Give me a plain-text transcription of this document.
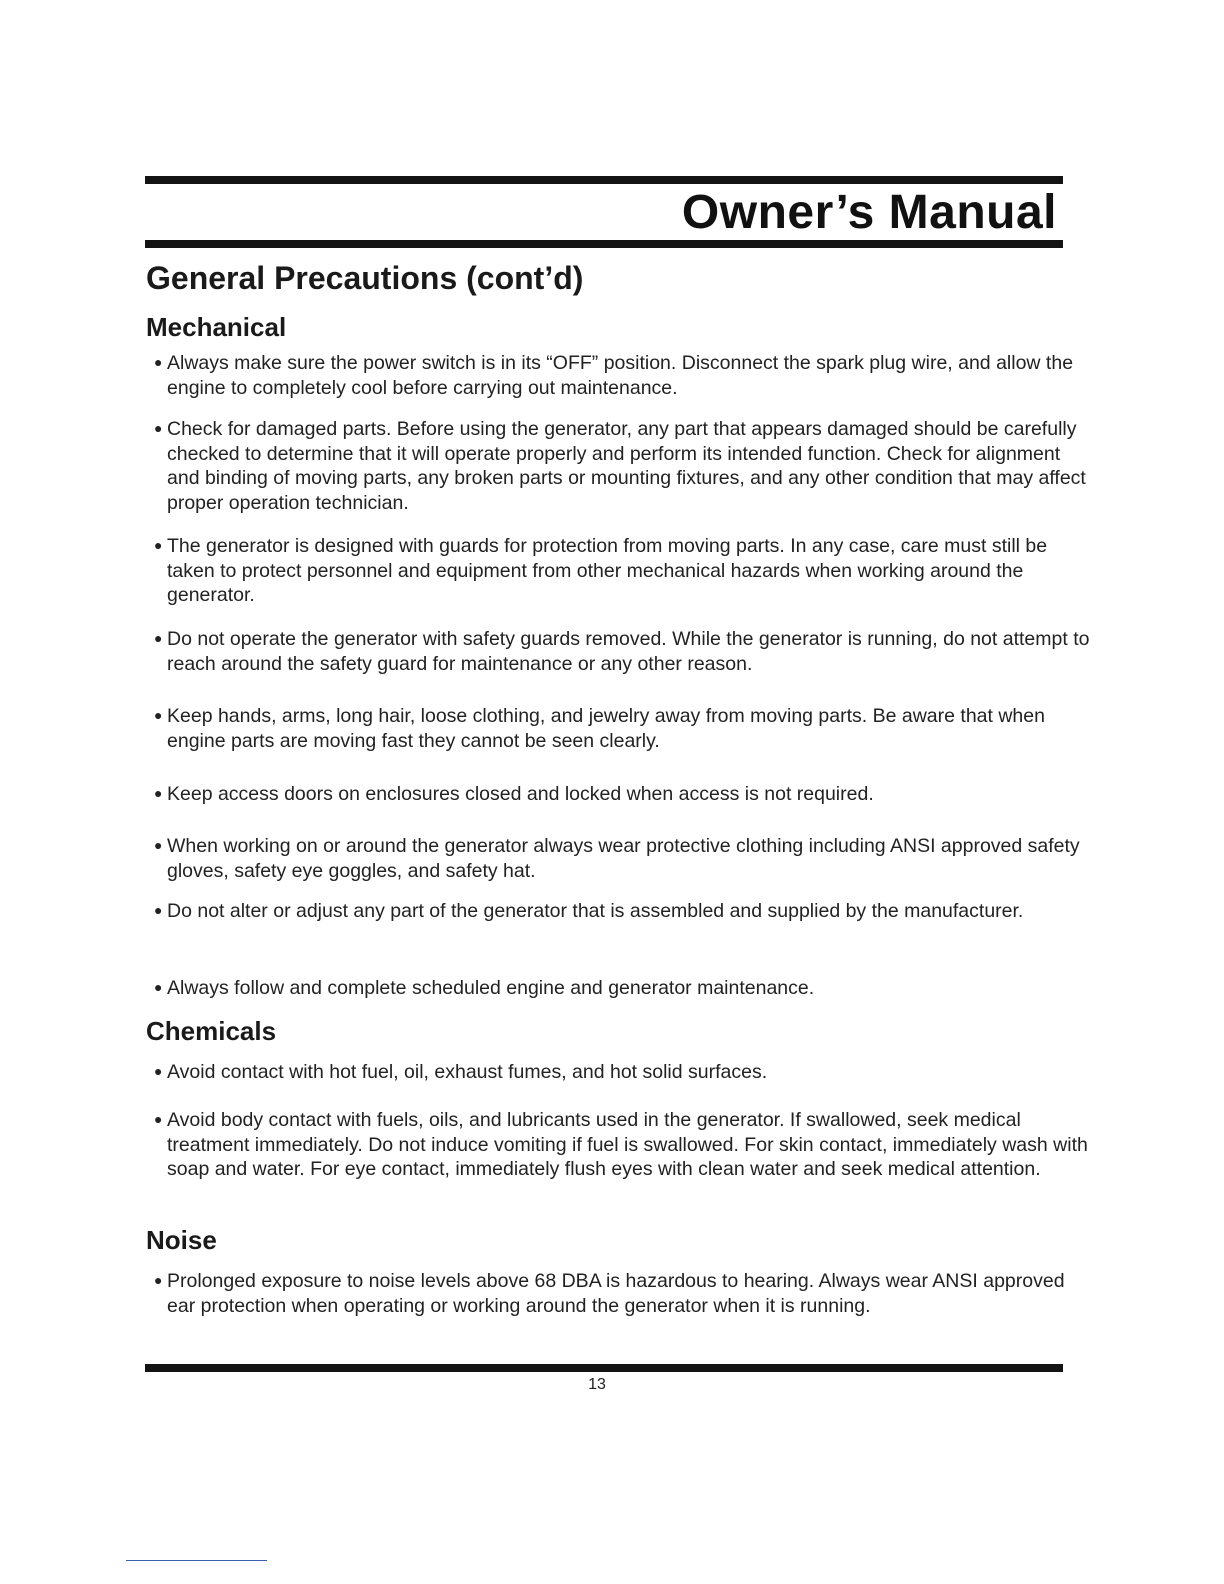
Owner’s Manual
General Precautions (cont’d)
Mechanical
● Always make sure the power switch is in its “OFF” position. Disconnect the spark plug wire, and allow the engine to completely cool before carrying out maintenance.
● Check for damaged parts. Before using the generator, any part that appears damaged should be carefully checked to determine that it will operate properly and perform its intended function. Check for alignment and binding of moving parts, any broken parts or mounting fixtures, and any other condition that may affect proper operation technician.
● The generator is designed with guards for protection from moving parts. In any case, care must still be taken to protect personnel and equipment from other mechanical hazards when working around the generator.
● Do not operate the generator with safety guards removed. While the generator is running, do not attempt to reach around the safety guard for maintenance or any other reason.
● Keep hands, arms, long hair, loose clothing, and jewelry away from moving parts. Be aware that when engine parts are moving fast they cannot be seen clearly.
● Keep access doors on enclosures closed and locked when access is not required.
● When working on or around the generator always wear protective clothing including ANSI approved safety gloves, safety eye goggles, and safety hat.
● Do not alter or adjust any part of the generator that is assembled and supplied by the manufacturer.
● Always follow and complete scheduled engine and generator maintenance.
Chemicals
● Avoid contact with hot fuel, oil, exhaust fumes, and hot solid surfaces.
● Avoid body contact with fuels, oils, and lubricants used in the generator. If swallowed, seek medical treatment immediately. Do not induce vomiting if fuel is swallowed. For skin contact, immediately wash with soap and water. For eye contact, immediately flush eyes with clean water and seek medical attention.
Noise
● Prolonged exposure to noise levels above 68 DBA is hazardous to hearing. Always wear ANSI approved ear protection when operating or working around the generator when it is running.
13
